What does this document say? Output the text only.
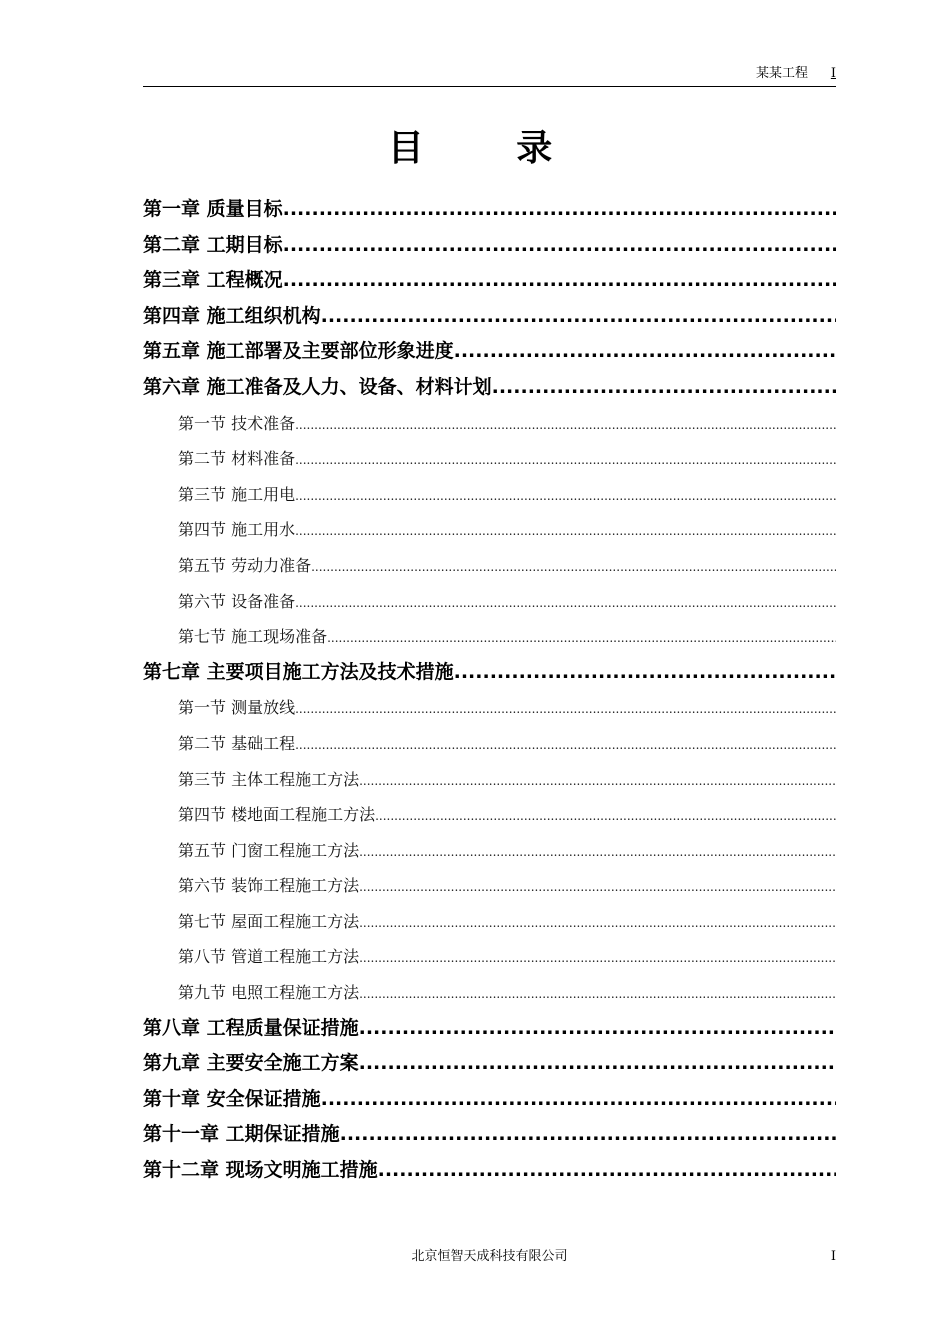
某某工程 I
目 录
第一章 质量目标
.....
第二章 工期目标
.....
第三章 工程概况
.....
第四章 施工组织机构
.....
第五章 施工部署及主要部位形象进度
.....
第六章 施工准备及人力、设备、材料计划
.....
第一节 技术准备
.....
第二节 材料准备
.....
第三节 施工用电
.....
第四节 施工用水
.....
第五节 劳动力准备
.....
第六节 设备准备
.....
第七节 施工现场准备
.....
第七章 主要项目施工方法及技术措施
.....
第一节 测量放线
.....
第二节 基础工程
.....
第三节 主体工程施工方法
.....
第四节 楼地面工程施工方法
.....
第五节 门窗工程施工方法
.....
第六节 装饰工程施工方法
.....
第七节 屋面工程施工方法
.....
第八节 管道工程施工方法
.....
第九节 电照工程施工方法
.....
第八章 工程质量保证措施
.....
第九章 主要安全施工方案
.....
第十章 安全保证措施
.....
第十一章 工期保证措施
.....
第十二章 现场文明施工措施
.....
北京恒智天成科技有限公司	I
